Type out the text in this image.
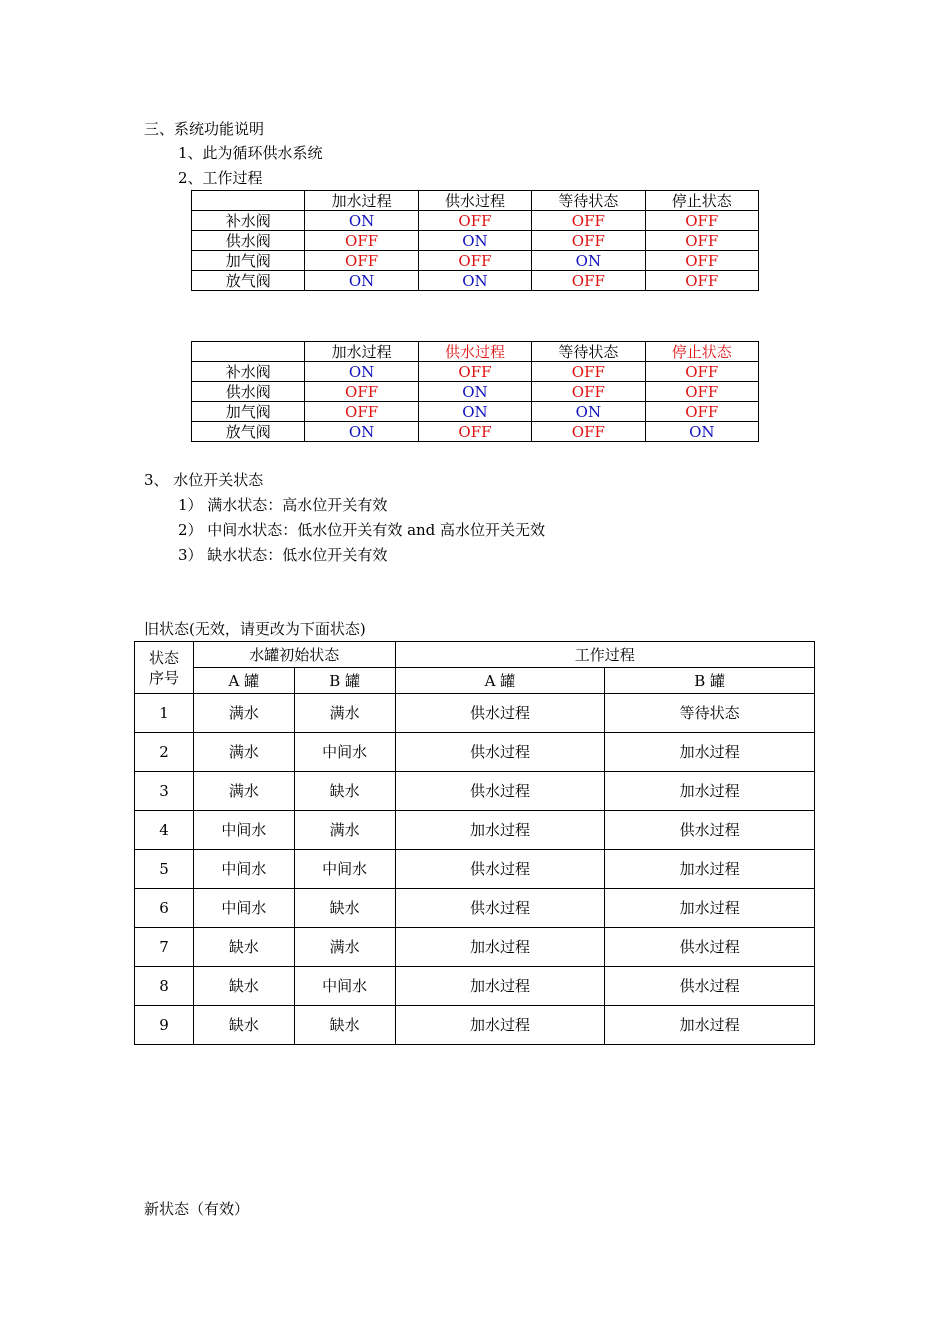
三、系统功能说明
1、此为循环供水系统
2、工作过程
	加水过程	供水过程	等待状态	停止状态
补水阀	ON	OFF	OFF	OFF
供水阀	OFF	ON	OFF	OFF
加气阀	OFF	OFF	ON	OFF
放气阀	ON	ON	OFF	OFF
	加水过程	供水过程	等待状态	停止状态
补水阀	ON	OFF	OFF	OFF
供水阀	OFF	ON	OFF	OFF
加气阀	OFF	ON	ON	OFF
放气阀	ON	OFF	OFF	ON
3、 水位开关状态
1） 满水状态：高水位开关有效
2） 中间水状态：低水位开关有效 and 高水位开关无效
3） 缺水状态：低水位开关有效
旧状态(无效，请更改为下面状态)
状态
序号	水罐初始状态		工作过程	
	A 罐	B 罐	A 罐	B 罐
1	满水	满水	供水过程	等待状态
2	满水	中间水	供水过程	加水过程
3	满水	缺水	供水过程	加水过程
4	中间水	满水	加水过程	供水过程
5	中间水	中间水	供水过程	加水过程
6	中间水	缺水	供水过程	加水过程
7	缺水	满水	加水过程	供水过程
8	缺水	中间水	加水过程	供水过程
9	缺水	缺水	加水过程	加水过程
新状态（有效）
